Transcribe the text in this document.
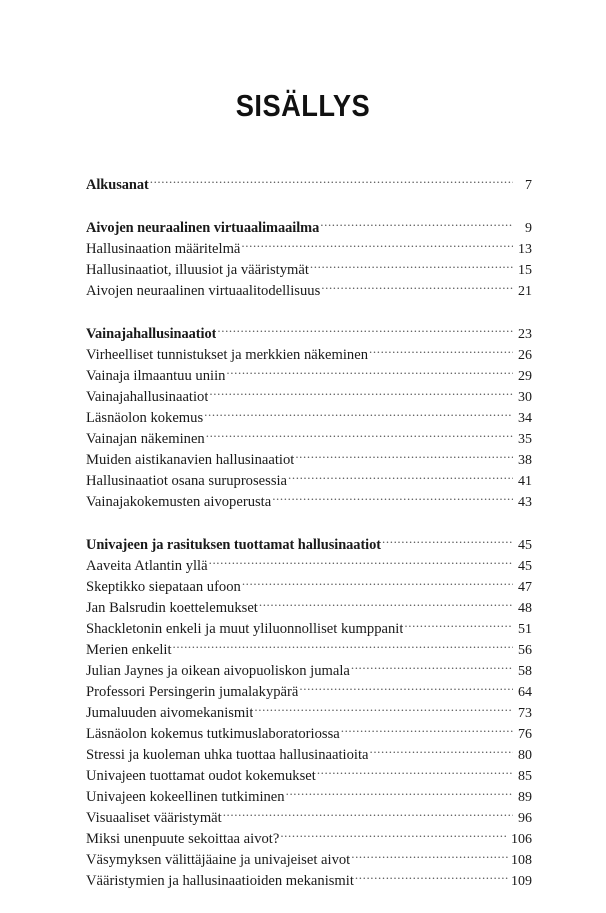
SISÄLLYS
Alkusanat .....	7
Aivojen neuraalinen virtuaalimaailma .....	9
Hallusinaation määritelmä .....	13
Hallusinaatiot, illuusiot ja vääristymät .....	15
Aivojen neuraalinen virtuaalitodellisuus .....	21
Vainajahallusinaatiot .....	23
Virheelliset tunnistukset ja merkkien näkeminen .....	26
Vainaja ilmaantuu uniin .....	29
Vainajahallusinaatiot .....	30
Läsnäolon kokemus .....	34
Vainajan näkeminen .....	35
Muiden aistikanavien hallusinaatiot .....	38
Hallusinaatiot osana suruprosessia .....	41
Vainajakokemusten aivoperusta .....	43
Univajeen ja rasituksen tuottamat hallusinaatiot .....	45
Aaveita Atlantin yllä .....	45
Skeptikko siepataan ufoon .....	47
Jan Balsrudin koettelemukset .....	48
Shackletonin enkeli ja muut yliluonnolliset kumppanit .....	51
Merien enkelit .....	56
Julian Jaynes ja oikean aivopuoliskon jumala .....	58
Professori Persingerin jumalakypärä .....	64
Jumaluuden aivomekanismit .....	73
Läsnäolon kokemus tutkimuslaboratoriossa .....	76
Stressi ja kuoleman uhka tuottaa hallusinaatioita .....	80
Univajeen tuottamat oudot kokemukset .....	85
Univajeen kokeellinen tutkiminen .....	89
Visuaaliset vääristymät .....	96
Miksi unenpuute sekoittaa aivot? .....	106
Väsymyksen välittäjäaine ja univajeiset aivot .....	108
Vääristymien ja hallusinaatioiden mekanismit .....	109
